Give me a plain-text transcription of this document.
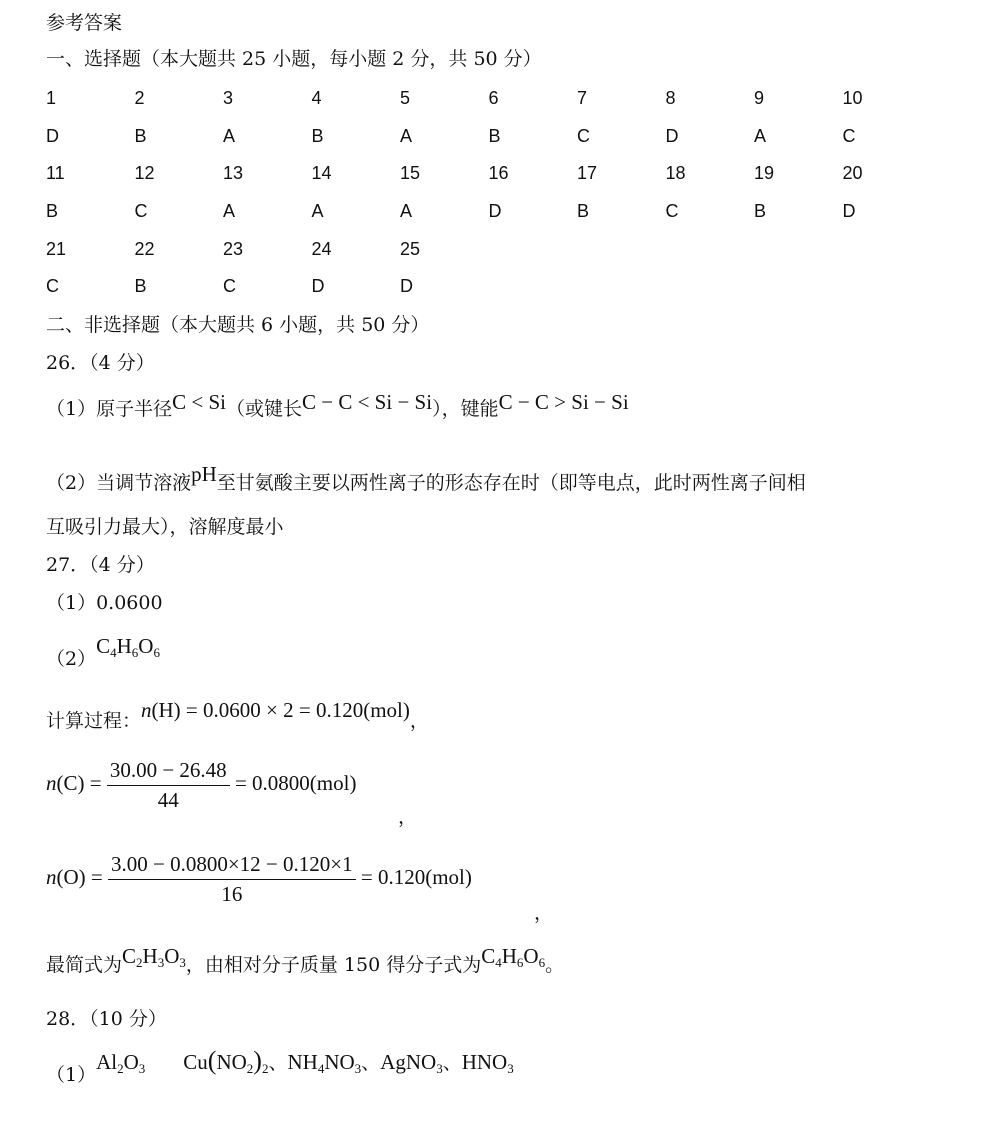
参考答案
一、选择题（本大题共 25 小题，每小题 2 分，共 50 分）
1	2	3	4	5	6	7	8	9	10
D	B	A	B	A	B	C	D	A	C
11	12	13	14	15	16	17	18	19	20
B	C	A	A	A	D	B	C	B	D
21	22	23	24	25					
C	B	C	D	D					
二、非选择题（本大题共 6 小题，共 50 分）
26．（4 分）
（1）原子半径C < Si（或键长C − C < Si − Si），键能C − C > Si − Si
（2）当调节溶液pH至甘氨酸主要以两性离子的形态存在时（即等电点，此时两性离子间相
互吸引力最大），溶解度最小
27．（4 分）
（1）0.0600
$(2)C_4H_6O_6$
计算过程：n(H) = 0.0600 × 2 = 0.120(mol)，
$n(C) = \frac{30.00 - 26.48}{44} = 0.0800(mol)$
，
$n(O) = \frac{3.00 - 0.0800\times 12 - 0.120\times 1}{16} = 0.120(mol)$
，
最简式为$C_2H_3O_3$，由相对分子质量 150 得分子式为$C_4H_6O_6$。
28．（10 分）
$(1)Al_2O_3$ $Cu(NO_2)_2$、$NH_4NO_3$、AgNO$_3$、$HNO_3$
